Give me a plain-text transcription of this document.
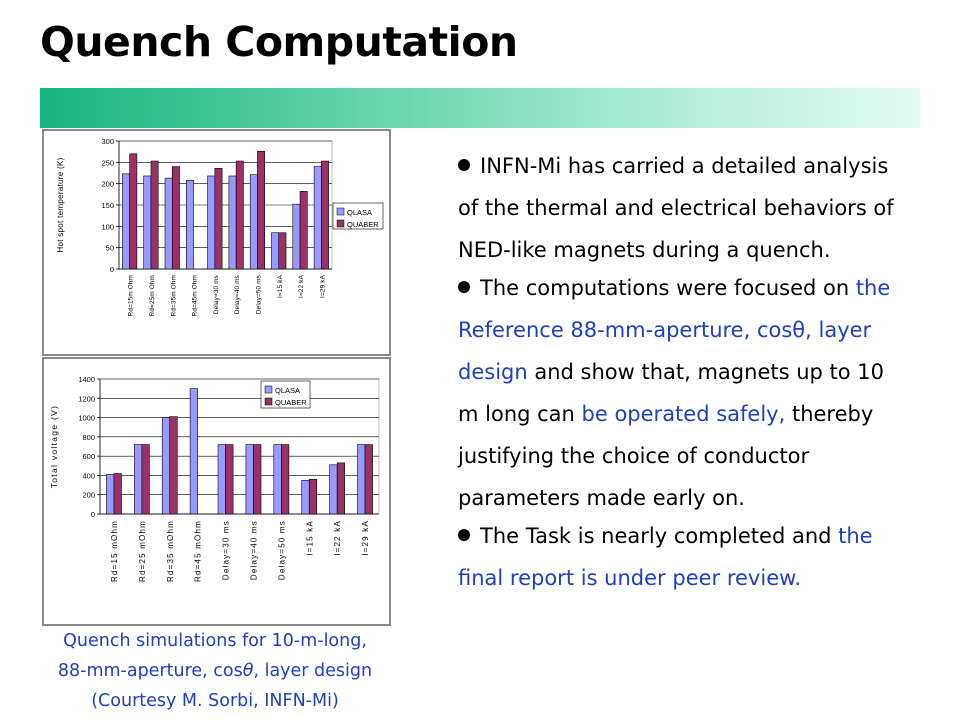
Quench Computation
0
50
100
150
200
250
300
Hot spot temperature (K)
Rd=15m Ohm Rd=25m Ohm Rd=35m Ohm Rd=45m Ohm Delay=30 ms Delay=40 ms Delay=50 ms I=15 kA I=22 kA I=29 kA
QLASA
QUABER
0
200
400
600
800
1000
1200
1400
Total voltage (V)
Rd=15 mOhm Rd=25 mOhm Rd=35 mOhm Rd=45 mOhm Delay=30 ms Delay=40 ms Delay=50 ms I=15 kA I=22 kA I=29 kA
QLASA
QUABER

Quench simulations for 10-m-long,

88-mm-aperture, cosθ, layer design

(Courtesy M. Sorbi, INFN-Mi)

INFN-Mi has carried a detailed analysis of the thermal and electrical behaviors of NED-like magnets during a quench.

The computations were focused on the Reference 88-mm-aperture, cosθ, layer design and show that, magnets up to 10 m long can be operated safely, thereby justifying the choice of conductor parameters made early on.

The Task is nearly completed and the final report is under peer review.
